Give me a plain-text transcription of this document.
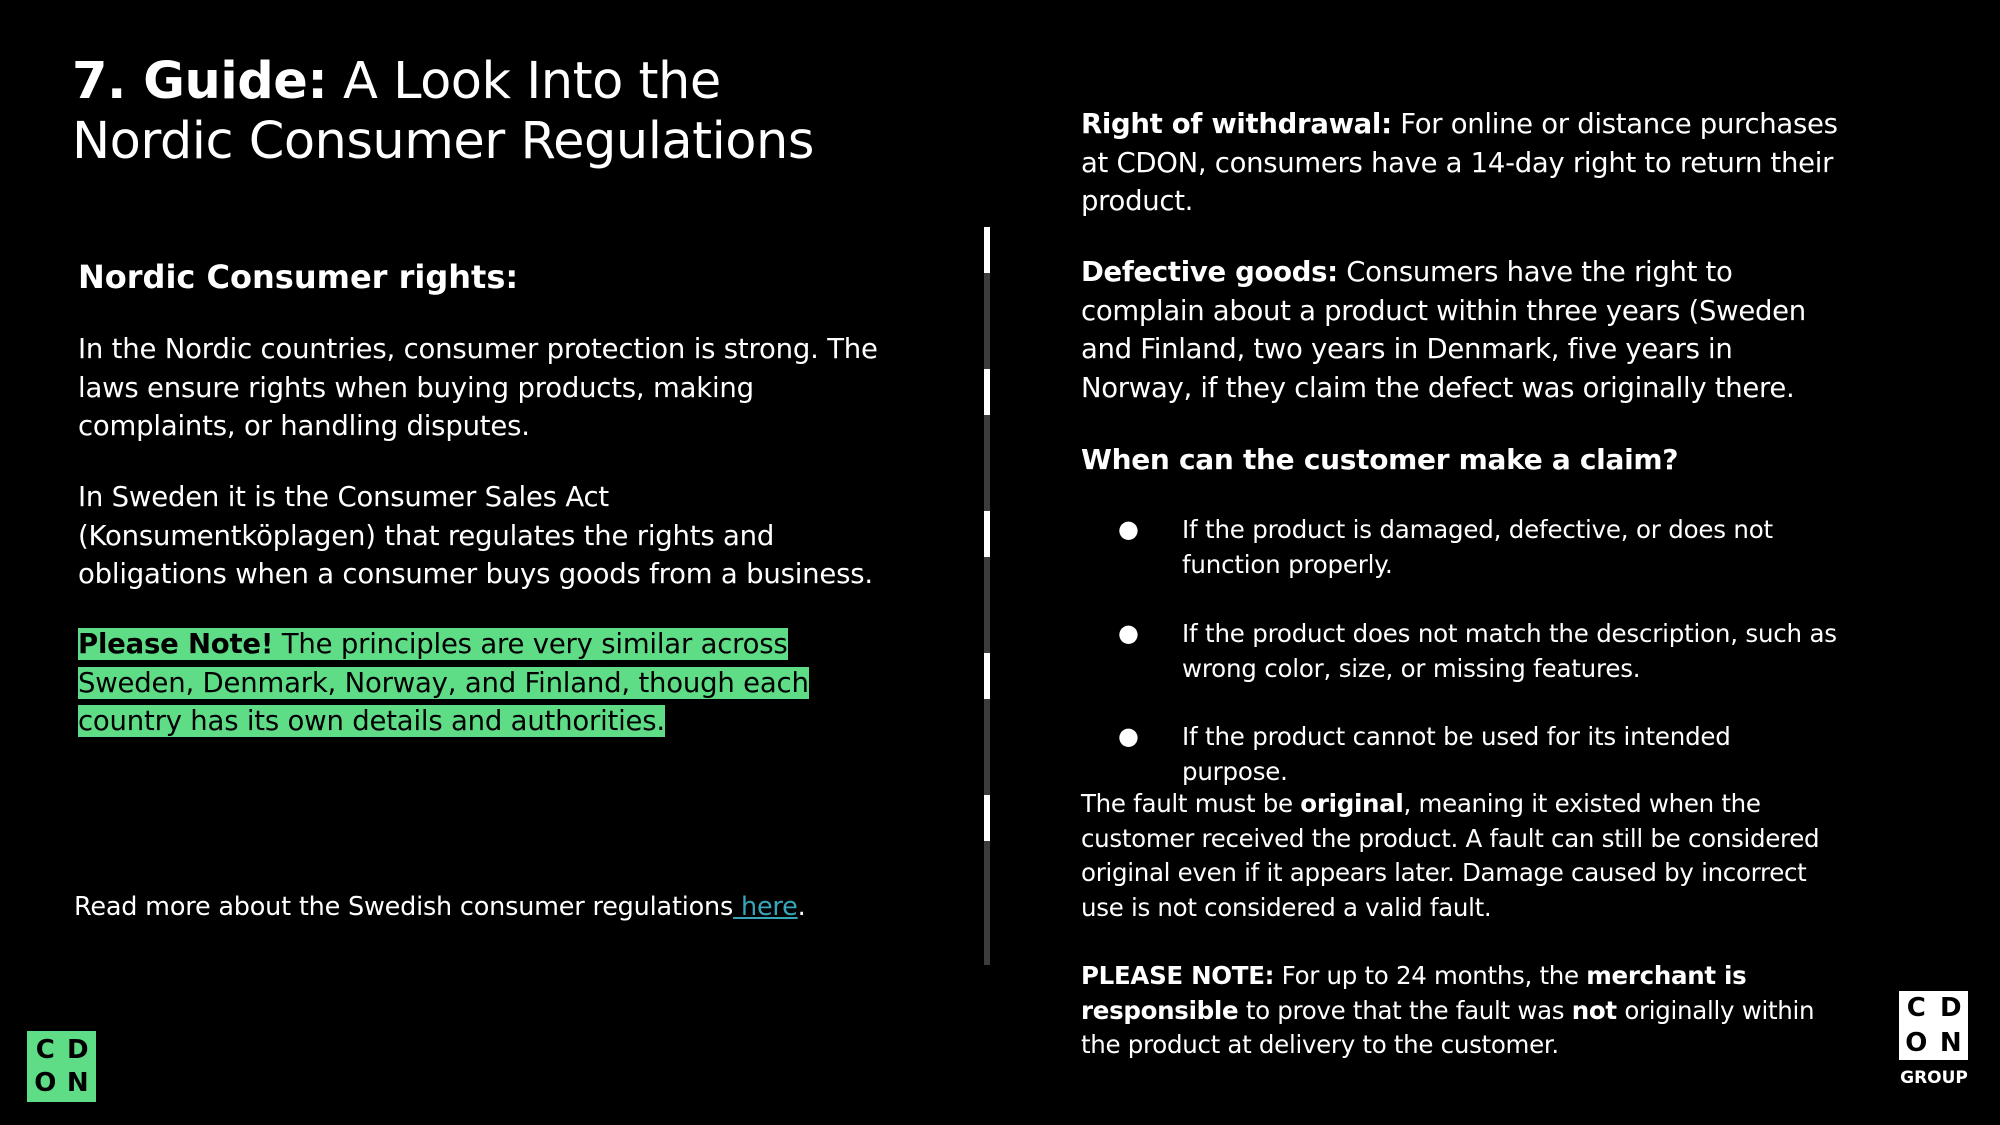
7. Guide: A Look Into the Nordic Consumer Regulations
Nordic Consumer rights:
In the Nordic countries, consumer protection is strong. The laws ensure rights when buying products, making complaints, or handling disputes.
In Sweden it is the Consumer Sales Act (Konsumentköplagen) that regulates the rights and obligations when a consumer buys goods from a business.
Please Note! The principles are very similar across Sweden, Denmark, Norway, and Finland, though each country has its own details and authorities.
Read more about the Swedish consumer regulations here.
Right of withdrawal: For online or distance purchases at CDON, consumers have a 14-day right to return their product.
Defective goods: Consumers have the right to complain about a product within three years (Sweden and Finland, two years in Denmark, five years in Norway, if they claim the defect was originally there.
When can the customer make a claim?
● If the product is damaged, defective, or does not function properly.
● If the product does not match the description, such as wrong color, size, or missing features.
● If the product cannot be used for its intended purpose.
The fault must be original, meaning it existed when the customer received the product. A fault can still be considered original even if it appears later. Damage caused by incorrect use is not considered a valid fault.
PLEASE NOTE: For up to 24 months, the merchant is responsible to prove that the fault was not originally within the product at delivery to the customer.
C D
O N
C D
O N
GROUP
